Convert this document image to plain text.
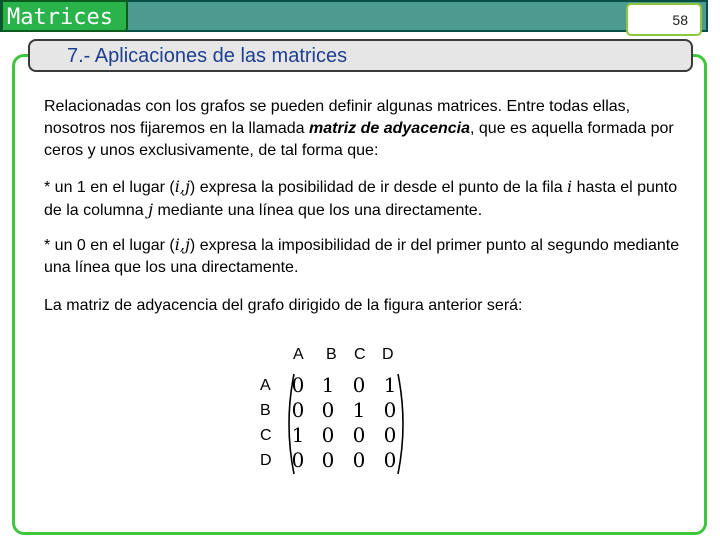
Matrices	58
7.- Aplicaciones de las matrices

Relacionadas con los grafos se pueden definir algunas matrices. Entre todas ellas, nosotros nos fijaremos en la llamada matriz de adyacencia, que es aquella formada por ceros y unos exclusivamente, de tal forma que:

* un 1 en el lugar (i,j) expresa la posibilidad de ir desde el punto de la fila i hasta el punto de la columna j mediante una línea que los una directamente.

* un 0 en el lugar (i,j) expresa la imposibilidad de ir del primer punto al segundo mediante una línea que los una directamente.

La matriz de adyacencia del grafo dirigido de la figura anterior será:

A B C D
A
B
C
D
0 1 0 1
0 0 1 0
1 0 0 0
0 0 0 0
